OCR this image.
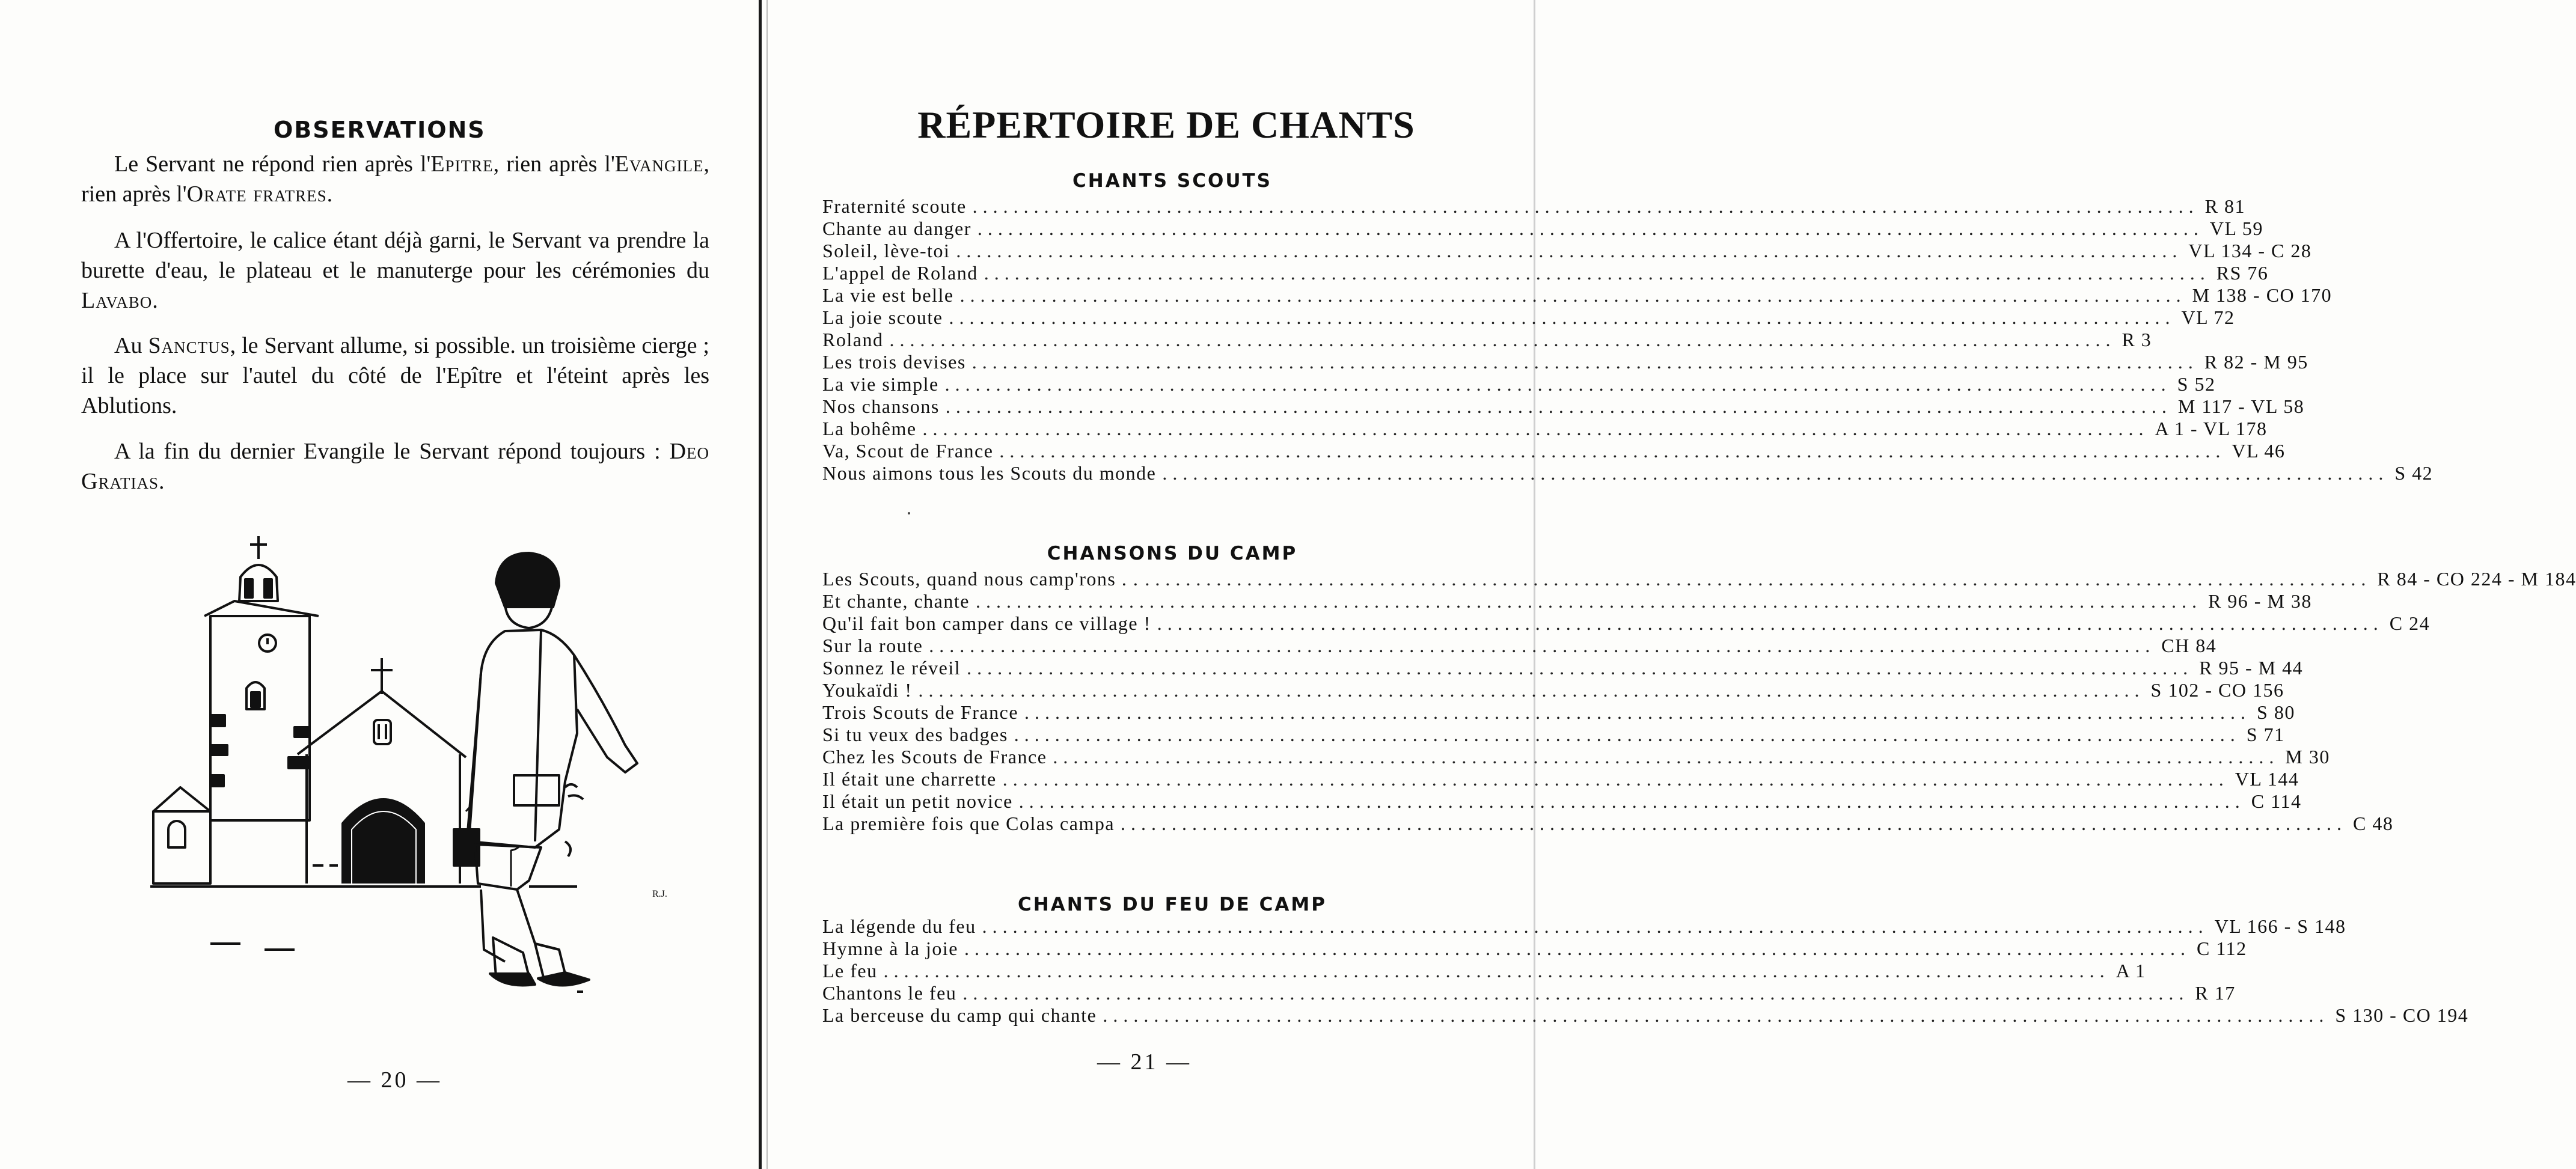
OBSERVATIONS

Le Servant ne répond rien après l'Epitre, rien après l'Evangile, rien après l'Orate fratres.

A l'Offertoire, le calice étant déjà garni, le Servant va prendre la burette d'eau, le plateau et le manuterge pour les cérémonies du Lavabo.

Au Sanctus, le Servant allume, si possible. un troisième cierge ; il le place sur l'autel du côté de l'Epître et l'éteint après les Ablutions.

A la fin du dernier Evangile le Servant répond toujours : Deo Gratias.

R.J.
— 20 —
RÉPERTOIRE DE CHANTS
CHANTS SCOUTS
Fraternité scoute ........................................................................................................................ R 81
Chante au danger ........................................................................................................................ VL 59
Soleil, lève-toi ........................................................................................................................ VL 134 - C 28
L'appel de Roland ........................................................................................................................ RS 76
La vie est belle ........................................................................................................................ M 138 - CO 170
La joie scoute ........................................................................................................................ VL 72
Roland ........................................................................................................................ R 3
Les trois devises ........................................................................................................................ R 82 - M 95
La vie simple ........................................................................................................................ S 52
Nos chansons ........................................................................................................................ M 117 - VL 58
La bohême ........................................................................................................................ A 1 - VL 178
Va, Scout de France ........................................................................................................................ VL 46
Nous aimons tous les Scouts du monde ........................................................................................................................ S 42
CHANSONS DU CAMP
Les Scouts, quand nous camp'rons . . ........................................................................................................................ R 84 - CO 224 - M 184
Et chante, chante ........................................................................................................................ R 96 - M 38
Qu'il fait bon camper dans ce village ! ........................................................................................................................ C 24
Sur la route ........................................................................................................................ CH 84
Sonnez le réveil ........................................................................................................................ R 95 - M 44
Youkaïdi ! ........................................................................................................................ S 102 - CO 156
Trois Scouts de France ........................................................................................................................ S 80
Si tu veux des badges ........................................................................................................................ S 71
Chez les Scouts de France ........................................................................................................................ M 30
Il était une charrette ........................................................................................................................ VL 144
Il était un petit novice ........................................................................................................................ C 114
La première fois que Colas campa ........................................................................................................................ C 48
CHANTS DU FEU DE CAMP
La légende du feu ........................................................................................................................ VL 166 - S 148
Hymne à la joie ........................................................................................................................ C 112
Le feu ........................................................................................................................ A 1
Chantons le feu ........................................................................................................................ R 17
La berceuse du camp qui chante ........................................................................................................................ S 130 - CO 194
— 21 —
